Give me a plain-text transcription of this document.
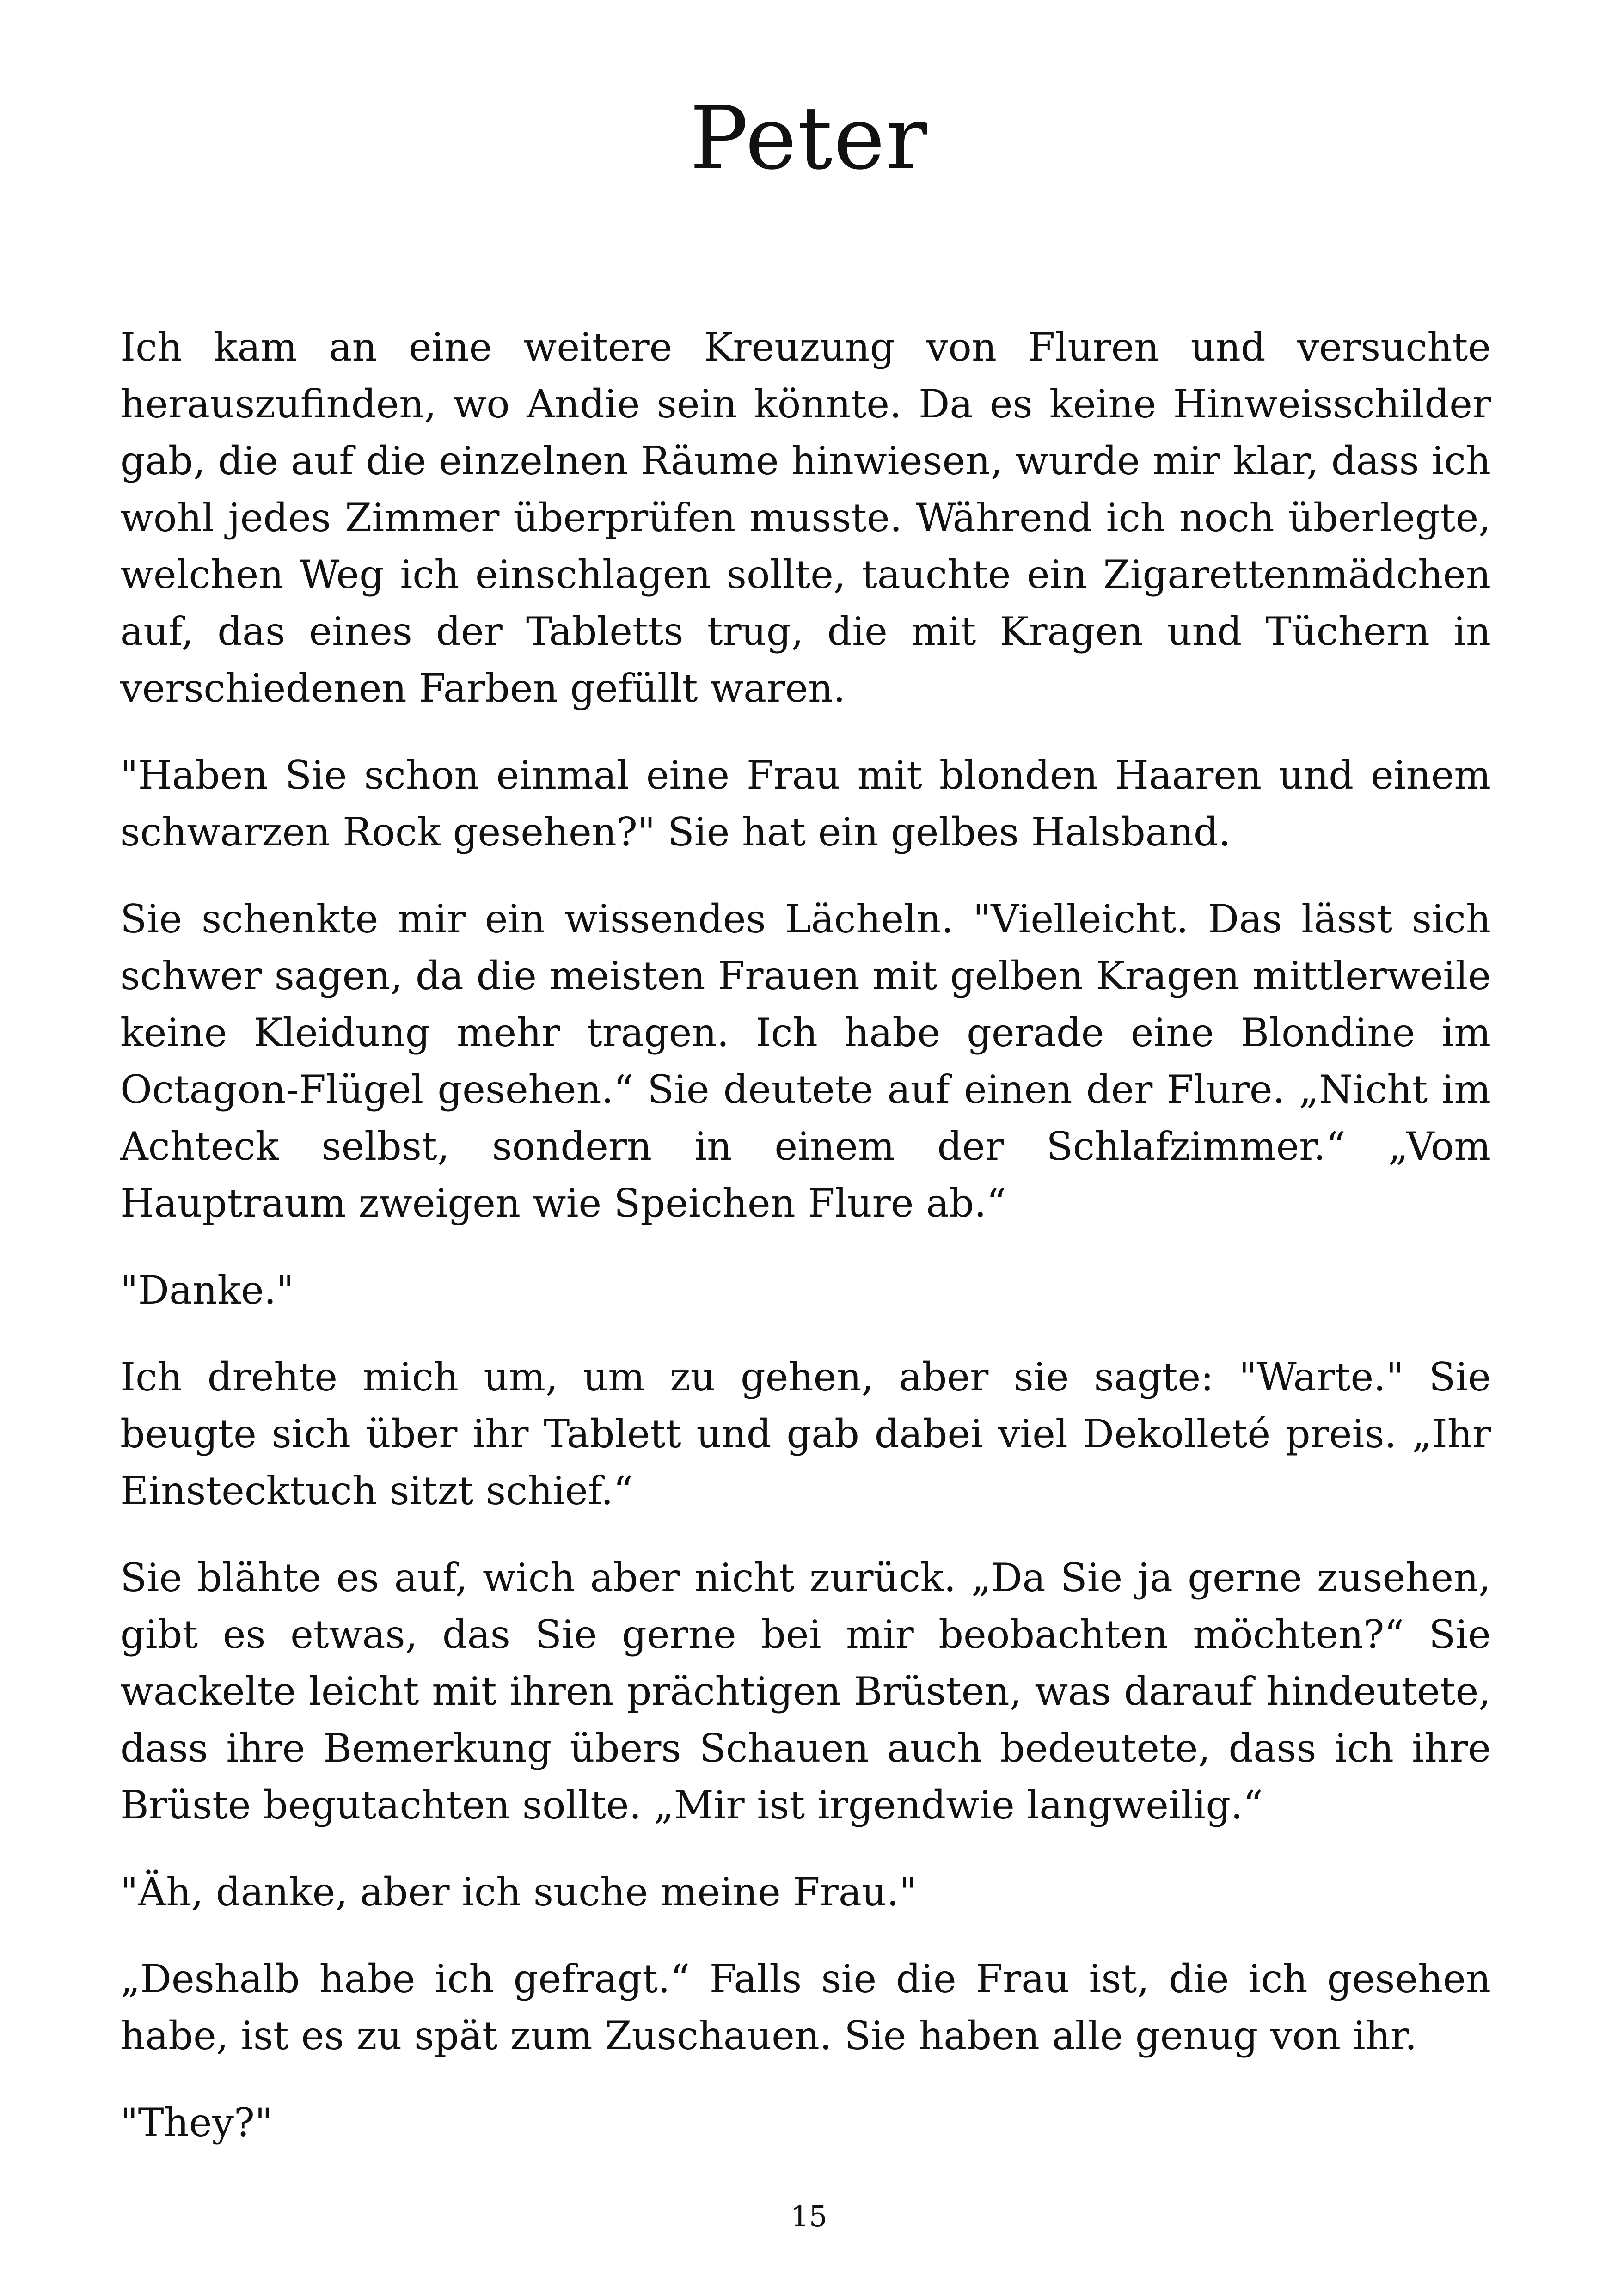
Peter

Ich kam an eine weitere Kreuzung von Fluren und versuchte herauszufinden, wo Andie sein könnte. Da es keine Hinweisschilder gab, die auf die einzelnen Räume hinwiesen, wurde mir klar, dass ich wohl jedes Zimmer überprüfen musste. Während ich noch überlegte, welchen Weg ich einschlagen sollte, tauchte ein Zigarettenmädchen auf, das eines der Tabletts trug, die mit Kragen und Tüchern in verschiedenen Farben gefüllt waren.

"Haben Sie schon einmal eine Frau mit blonden Haaren und einem schwarzen Rock gesehen?" Sie hat ein gelbes Halsband.

Sie schenkte mir ein wissendes Lächeln. "Vielleicht. Das lässt sich schwer sagen, da die meisten Frauen mit gelben Kragen mittlerweile keine Kleidung mehr tragen. Ich habe gerade eine Blondine im Octagon-Flügel gesehen.“ Sie deutete auf einen der Flure. „Nicht im Achteck selbst, sondern in einem der Schlafzimmer.“ „Vom Hauptraum zweigen wie Speichen Flure ab.“

"Danke."

Ich drehte mich um, um zu gehen, aber sie sagte: "Warte." Sie beugte sich über ihr Tablett und gab dabei viel Dekolleté preis. „Ihr Einstecktuch sitzt schief.“

Sie blähte es auf, wich aber nicht zurück. „Da Sie ja gerne zusehen, gibt es etwas, das Sie gerne bei mir beobachten möchten?“ Sie wackelte leicht mit ihren prächtigen Brüsten, was darauf hindeutete, dass ihre Bemerkung übers Schauen auch bedeutete, dass ich ihre Brüste begutachten sollte. „Mir ist irgendwie langweilig.“

"Äh, danke, aber ich suche meine Frau."

„Deshalb habe ich gefragt.“ Falls sie die Frau ist, die ich gesehen habe, ist es zu spät zum Zuschauen. Sie haben alle genug von ihr.

"They?"

15
